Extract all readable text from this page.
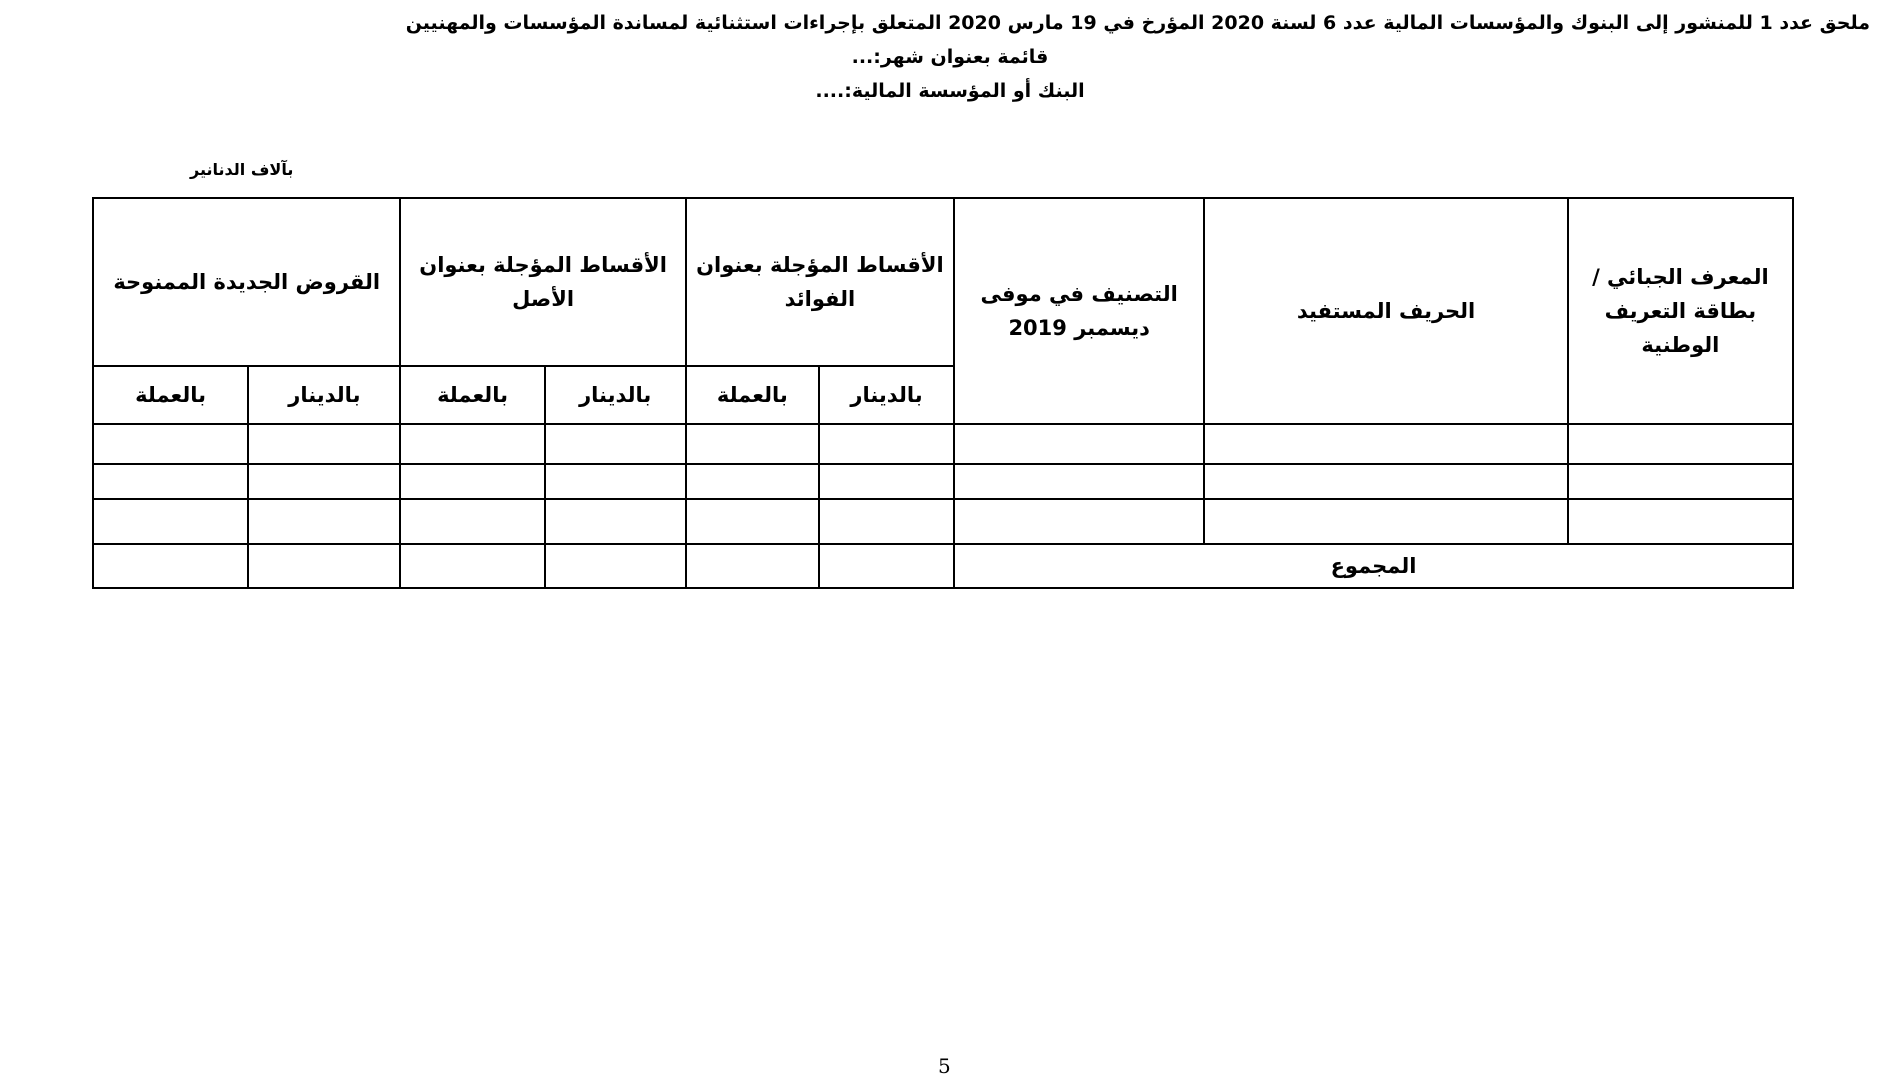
ملحق عدد 1 للمنشور إلى البنوك والمؤسسات المالية عدد 6 لسنة 2020 المؤرخ في 19 مارس 2020 المتعلق بإجراءات استثنائية لمساندة المؤسسات والمهنيين
قائمة بعنوان شهر:...
البنك أو المؤسسة المالية:....
بآلاف الدنانير
المعرف الجبائي / بطاقة التعريف الوطنية	الحريف المستفيد	التصنيف في موفى ديسمبر 2019	الأقساط المؤجلة بعنوان الفوائد		الأقساط المؤجلة بعنوان الأصل		القروض الجديدة الممنوحة	
			بالدينار	بالعملة	بالدينار	بالعملة	بالدينار	بالعملة

المجموع								
5
